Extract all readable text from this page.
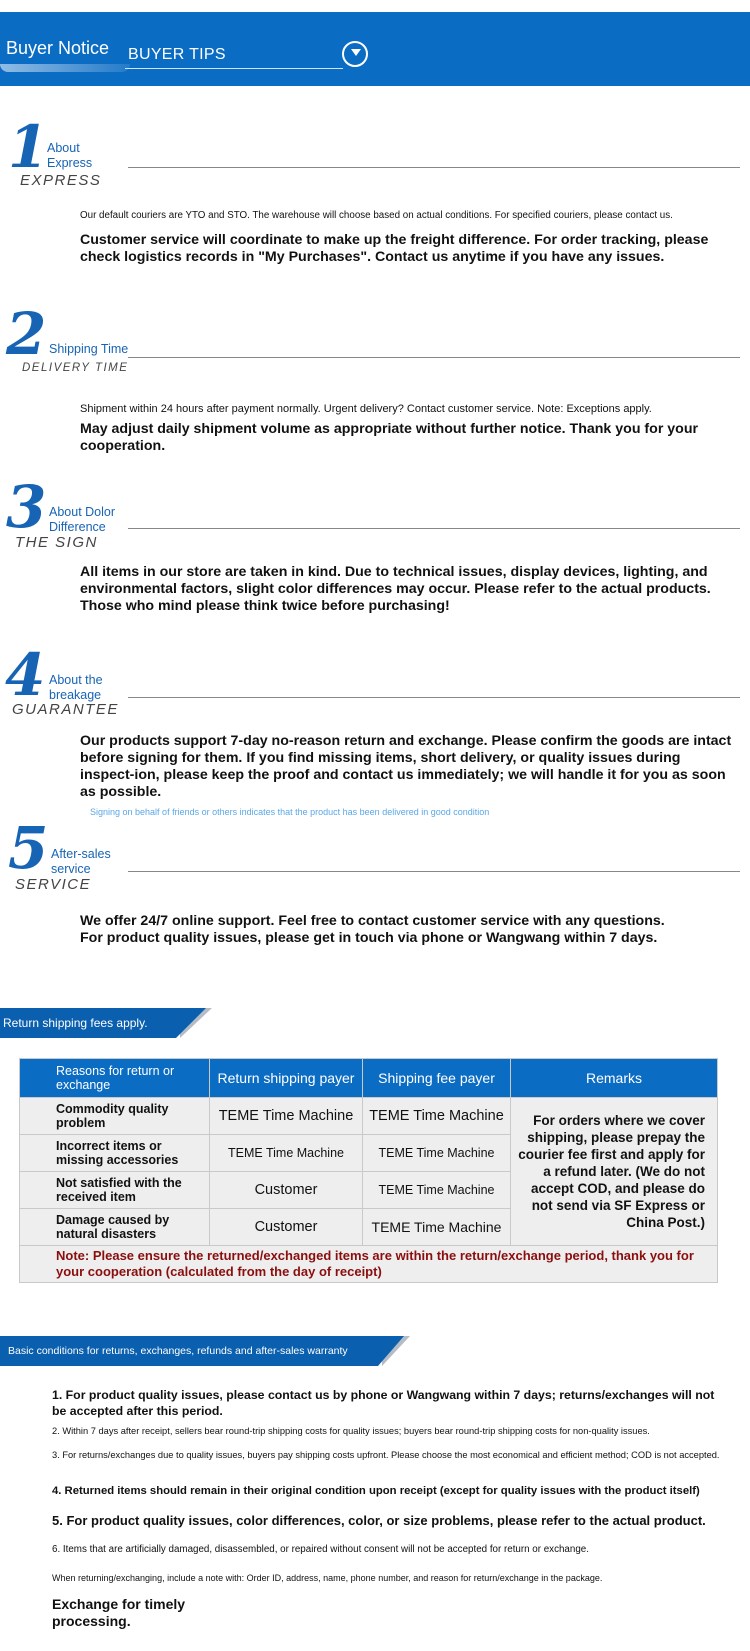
Buyer Notice BUYER TIPS
1
About Express
EXPRESS
Our default couriers are YTO and STO. The warehouse will choose based on actual conditions. For specified couriers, please contact us.
Customer service will coordinate to make up the freight difference. For order tracking, please check logistics records in "My Purchases". Contact us anytime if you have any issues.
2 Shipping Time
DELIVERY TIME
Shipment within 24 hours after payment normally. Urgent delivery? Contact customer service. Note: Exceptions apply.
May adjust daily shipment volume as appropriate without further notice. Thank you for your cooperation.
3 About Dolor Difference
THE SIGN
All items in our store are taken in kind. Due to technical issues, display devices, lighting, and environmental factors, slight color differences may occur. Please refer to the actual products. Those who mind please think twice before purchasing!
4 About the breakage
GUARANTEE
Our products support 7-day no-reason return and exchange. Please confirm the goods are intact before signing for them. If you find missing items, short delivery, or quality issues during inspect-ion, please keep the proof and contact us immediately; we will handle it for you as soon as possible.
Signing on behalf of friends or others indicates that the product has been delivered in good condition
5 After-sales service
SERVICE
We offer 24/7 online support. Feel free to contact customer service with any questions.
For product quality issues, please get in touch via phone or Wangwang within 7 days.
Return shipping fees apply.
Reasons for return or exchange	Return shipping payer	Shipping fee payer	Remarks
Commodity quality problem	TEME Time Machine	TEME Time Machine	For orders where we cover shipping, please prepay the courier fee first and apply for a refund later. (We do not accept COD, and please do not send via SF Express or China Post.)
Incorrect items or missing accessories	TEME Time Machine	TEME Time Machine	
Not satisfied with the received item	Customer	TEME Time Machine	
Damage caused by natural disasters	Customer	TEME Time Machine	
Note: Please ensure the returned/exchanged items are within the return/exchange period, thank you for your cooperation (calculated from the day of receipt)			
Basic conditions for returns, exchanges, refunds and after-sales warranty
1. For product quality issues, please contact us by phone or Wangwang within 7 days; returns/exchanges will not be accepted after this period.
2. Within 7 days after receipt, sellers bear round-trip shipping costs for quality issues; buyers bear round-trip shipping costs for non-quality issues.
3. For returns/exchanges due to quality issues, buyers pay shipping costs upfront. Please choose the most economical and efficient method; COD is not accepted.
4. Returned items should remain in their original condition upon receipt (except for quality issues with the product itself)
5. For product quality issues, color differences, color, or size problems, please refer to the actual product.
6. Items that are artificially damaged, disassembled, or repaired without consent will not be accepted for return or exchange.
When returning/exchanging, include a note with: Order ID, address, name, phone number, and reason for return/exchange in the package.
Exchange for timely processing.
